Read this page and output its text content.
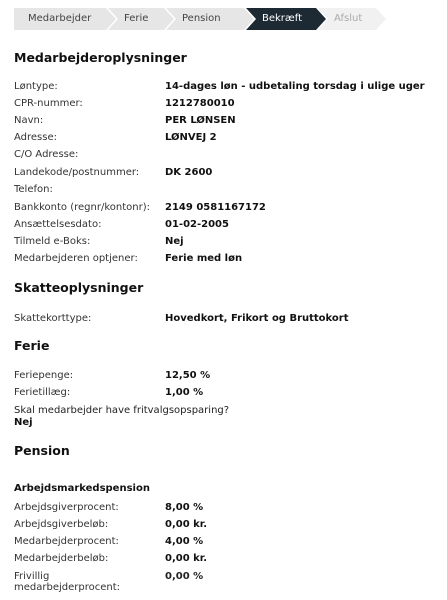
Medarbejder	Ferie	Pension	Bekræft	Afslut
Medarbejderoplysninger
Løntype:	14-dages løn - udbetaling torsdag i ulige uger
CPR-nummer:	1212780010
Navn:	PER LØNSEN
Adresse:	LØNVEJ 2
C/O Adresse:
Landekode/postnummer:	DK 2600
Telefon:
Bankkonto (regnr/kontonr):	2149 0581167172
Ansættelsesdato:	01-02-2005
Tilmeld e-Boks:	Nej
Medarbejderen optjener:	Ferie med løn
Skatteoplysninger
Skattekorttype:	Hovedkort, Frikort og Bruttokort
Ferie
Feriepenge:	12,50 %
Ferietillæg:	1,00 %
Skal medarbejder have fritvalgsopsparing?
Nej
Pension
Arbejdsmarkedspension
Arbejdsgiverprocent:	8,00 %
Arbejdsgiverbeløb:	0,00 kr.
Medarbejderprocent:	4,00 %
Medarbejderbeløb:	0,00 kr.
Frivillig medarbejderprocent:
0,00 %
